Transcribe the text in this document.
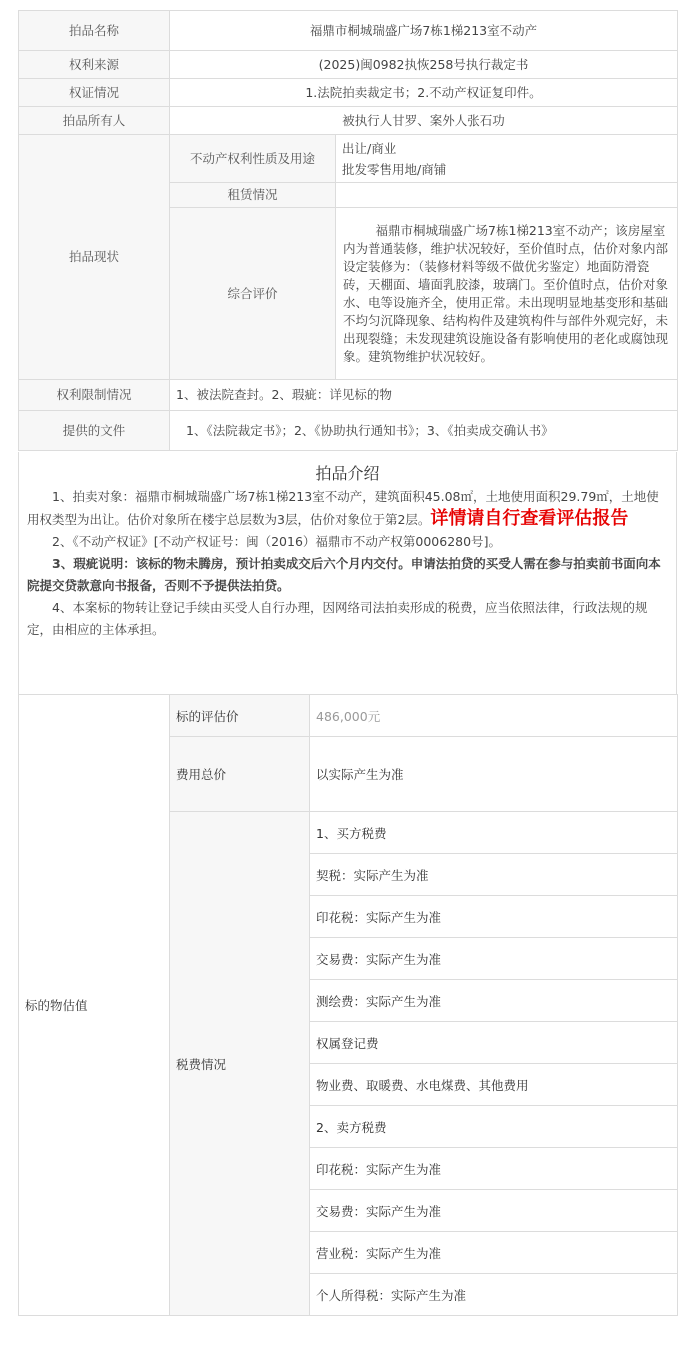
拍品名称	福鼎市桐城瑞盛广场7栋1梯213室不动产	
权利来源	(2025)闽0982执恢258号执行裁定书	
权证情况	1.法院拍卖裁定书；2.不动产权证复印件。	
拍品所有人	被执行人甘罗、案外人张石功	
拍品现状	不动产权利性质及用途	出让/商业
批发零售用地/商铺

	租赁情况	
	综合评价	福鼎市桐城瑞盛广场7栋1梯213室不动产；该房屋室内为普通装修，维护状况较好，至价值时点，估价对象内部设定装修为：（装修材料等级不做优劣鉴定）地面防滑瓷砖，天棚面、墙面乳胶漆，玻璃门。至价值时点，估价对象水、电等设施齐全，使用正常。未出现明显地基变形和基础不均匀沉降现象、结构构件及建筑构件与部件外观完好，未出现裂缝；未发现建筑设施设备有影响使用的老化或腐蚀现象。建筑物维护状况较好。
权利限制情况	1、被法院查封。2、瑕疵：详见标的物	
提供的文件	1、《法院裁定书》；2、《协助执行通知书》；3、《拍卖成交确认书》	
拍品介绍

1、拍卖对象：福鼎市桐城瑞盛广场7栋1梯213室不动产，建筑面积45.08㎡，土地使用面积29.79㎡，土地使用权类型为出让。估价对象所在楼宇总层数为3层，估价对象位于第2层。详情请自行查看评估报告

2、《不动产权证》[不动产权证号：闽（2016）福鼎市不动产权第0006280号]。

3、瑕疵说明：该标的物未腾房，预计拍卖成交后六个月内交付。申请法拍贷的买受人需在参与拍卖前书面向本院提交贷款意向书报备，否则不予提供法拍贷。

4、本案标的物转让登记手续由买受人自行办理，因网络司法拍卖形成的税费，应当依照法律，行政法规的规定，由相应的主体承担。

标的物估值	标的评估价	486,000元
	费用总价	以实际产生为准
	税费情况	1、买方税费
		契税：实际产生为准
		印花税：实际产生为准
		交易费：实际产生为准
		测绘费：实际产生为准
		权属登记费
		物业费、取暖费、水电煤费、其他费用
		2、卖方税费
		印花税：实际产生为准
		交易费：实际产生为准
		营业税：实际产生为准
		个人所得税：实际产生为准
